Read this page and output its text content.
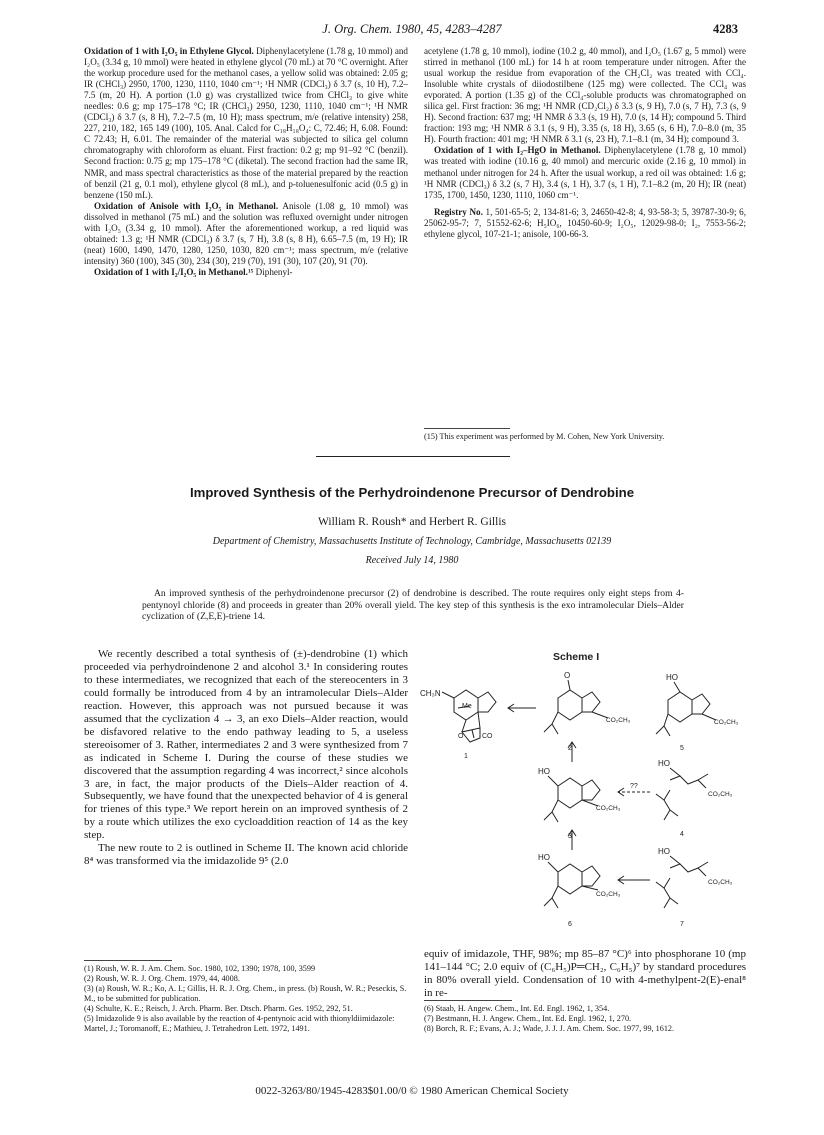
J. Org. Chem. 1980, 45, 4283–4287	4283

Oxidation of 1 with I₂O₅ in Ethylene Glycol. Diphenylacetylene (1.78 g, 10 mmol) and I₂O₅ (3.34 g, 10 mmol) were heated in ethylene glycol (70 mL) at 70 °C overnight. After the workup procedure used for the methanol cases, a yellow solid was obtained: 2.05 g; IR (CHCl₃) 2950, 1700, 1230, 1110, 1040 cm⁻¹; ¹H NMR (CDCl₃) δ 3.7 (s, 10 H), 7.2–7.5 (m, 20 H). A portion (1.0 g) was crystallized twice from CHCl₃ to give white needles: 0.6 g; mp 175–178 °C; IR (CHCl₃) 2950, 1230, 1110, 1040 cm⁻¹; ¹H NMR (CDCl₃) δ 3.7 (s, 8 H), 7.2–7.5 (m, 10 H); mass spectrum, m/e (relative intensity) 258, 227, 210, 182, 165 149 (100), 105. Anal. Calcd for C₁₈H₁₈O₄: C, 72.46; H, 6.08. Found: C 72.43; H, 6.01. The remainder of the material was subjected to silica gel column chromatography with chloroform as eluant. First fraction: 0.2 g; mp 91–92 °C (benzil). Second fraction: 0.75 g; mp 175–178 °C (diketal). The second fraction had the same IR, NMR, and mass spectral characteristics as those of the material prepared by the reaction of benzil (21 g, 0.1 mol), ethylene glycol (8 mL), and p-toluenesulfonic acid (0.5 g) in benzene (150 mL).

Oxidation of Anisole with I₂O₅ in Methanol. Anisole (1.08 g, 10 mmol) was dissolved in methanol (75 mL) and the solution was refluxed overnight under nitrogen with I₂O₅ (3.34 g, 10 mmol). After the aforementioned workup, a red liquid was obtained: 1.3 g; ¹H NMR (CDCl₃) δ 3.7 (s, 7 H), 3.8 (s, 8 H), 6.65–7.5 (m, 19 H); IR (neat) 1600, 1490, 1470, 1280, 1250, 1030, 820 cm⁻¹; mass spectrum, m/e (relative intensity) 360 (100), 345 (30), 234 (30), 219 (70), 191 (30), 107 (20), 91 (70).

Oxidation of 1 with I₂/I₂O₅ in Methanol.¹⁵ Diphenyl-

acetylene (1.78 g, 10 mmol), iodine (10.2 g, 40 mmol), and I₂O₅ (1.67 g, 5 mmol) were stirred in methanol (100 mL) for 14 h at room temperature under nitrogen. After the usual workup the residue from evaporation of the CH₂Cl₂ was treated with CCl₄. Insoluble white crystals of diiodostilbene (125 mg) were collected. The CCl₄ was evporated. A portion (1.35 g) of the CCl₄-soluble products was chromatographed on silica gel. First fraction: 36 mg; ¹H NMR (CD₂Cl₂) δ 3.3 (s, 9 H), 7.0 (s, 7 H), 7.3 (s, 9 H). Second fraction: 637 mg; ¹H NMR δ 3.3 (s, 19 H), 7.0 (s, 14 H); compound 5. Third fraction: 193 mg; ¹H NMR δ 3.1 (s, 9 H), 3.35 (s, 18 H), 3.65 (s, 6 H), 7.0–8.0 (m, 35 H). Fourth fraction: 401 mg; ¹H NMR δ 3.1 (s, 23 H), 7.1–8.1 (m, 34 H); compound 3.

Oxidation of 1 with I₂–HgO in Methanol. Diphenylacetylene (1.78 g, 10 mmol) was treated with iodine (10.16 g, 40 mmol) and mercuric oxide (2.16 g, 10 mmol) in methanol under nitrogen for 24 h. After the usual workup, a red oil was obtained: 1.6 g; ¹H NMR (CDCl₃) δ 3.2 (s, 7 H), 3.4 (s, 1 H), 3.7 (s, 1 H), 7.1–8.2 (m, 20 H); IR (neat) 1735, 1700, 1450, 1230, 1110, 1060 cm⁻¹.

Registry No. 1, 501-65-5; 2, 134-81-6; 3, 24650-42-8; 4, 93-58-3; 5, 39787-30-9; 6, 25062-95-7; 7, 51552-62-6; H₅IO₆, 10450-60-9; I₂O₅, 12029-98-0; I₂, 7553-56-2; ethylene glycol, 107-21-1; anisole, 100-66-3.

(15) This experiment was performed by M. Cohen, New York University.

Improved Synthesis of the Perhydroindenone Precursor of Dendrobine
William R. Roush* and Herbert R. Gillis
Department of Chemistry, Massachusetts Institute of Technology, Cambridge, Massachusetts 02139
Received July 14, 1980
An improved synthesis of the perhydroindenone precursor (2) of dendrobine is described. The route requires only eight steps from 4-pentynoyl chloride (8) and proceeds in greater than 20% overall yield. The key step of this synthesis is the exo intramolecular Diels–Alder cyclization of (Z,E,E)-triene 14.

We recently described a total synthesis of (±)-dendrobine (1) which proceeded via perhydroindenone 2 and alcohol 3.¹ In considering routes to these intermediates, we recognized that each of the stereocenters in 3 could formally be introduced from 4 by an intramolecular Diels–Alder reaction. However, this approach was not pursued because it was assumed that the cyclization 4 → 3, an exo Diels–Alder reaction, would be disfavored relative to the endo pathway leading to 5, a useless stereoisomer of 3. Rather, intermediates 2 and 3 were synthesized from 7 as indicated in Scheme I. During the course of these studies we discovered that the assumption regarding 4 was incorrect,² since alcohols 3 are, in fact, the major products of the Diels–Alder reaction of 4. Subsequently, we have found that the unexpected behavior of 4 is general for trienes of this type.³ We report herein on an improved synthesis of 2 by a route which utilizes the exo cycloaddition reaction of 14 as the key step.

The new route to 2 is outlined in Scheme II. The known acid chloride 8⁴ was transformed via the imidazolide 9⁵ (2.0

(1) Roush, W. R. J. Am. Chem. Soc. 1980, 102, 1390; 1978, 100, 3599

(2) Roush, W. R. J. Org. Chem. 1979, 44, 4008.

(3) (a) Roush, W. R.; Ko, A. I.; Gillis, H. R. J. Org. Chem., in press. (b) Roush, W. R.; Peseckis, S. M., to be submitted for publication.

(4) Schulte, K. E.; Reisch, J. Arch. Pharm. Ber. Dtsch. Pharm. Ges. 1952, 292, 51.

(5) Imidazolide 9 is also available by the reaction of 4-pentynoic acid with thionyldiimidazole: Martel, J.; Toromanoff, E.; Mathieu, J. Tetrahedron Lett. 1972, 1491.

Scheme I
CH₃N
Me
O	CO
1
O
CO₂CH₃
2
HO
CO₂CH₃
5
HO
CO₂CH₃
3
HO
CO₂CH₃
4
??
HO
CO₂CH₃
6
HO
CO₂CH₃
7

equiv of imidazole, THF, 98%; mp 85–87 °C)⁶ into phosphorane 10 (mp 141–144 °C; 2.0 equiv of (C₆H₅)P═CH₂, C₆H₅)⁷ by standard procedures in 80% overall yield. Condensation of 10 with 4-methylpent-2(E)-enal⁸ in re-

(6) Staab, H. Angew. Chem., Int. Ed. Engl. 1962, 1, 354.

(7) Bestmann, H. J. Angew. Chem., Int. Ed. Engl. 1962, 1, 270.

(8) Borch, R. F.; Evans, A. J.; Wade, J. J. J. Am. Chem. Soc. 1977, 99, 1612.

0022-3263/80/1945-4283$01.00/0 © 1980 American Chemical Society
